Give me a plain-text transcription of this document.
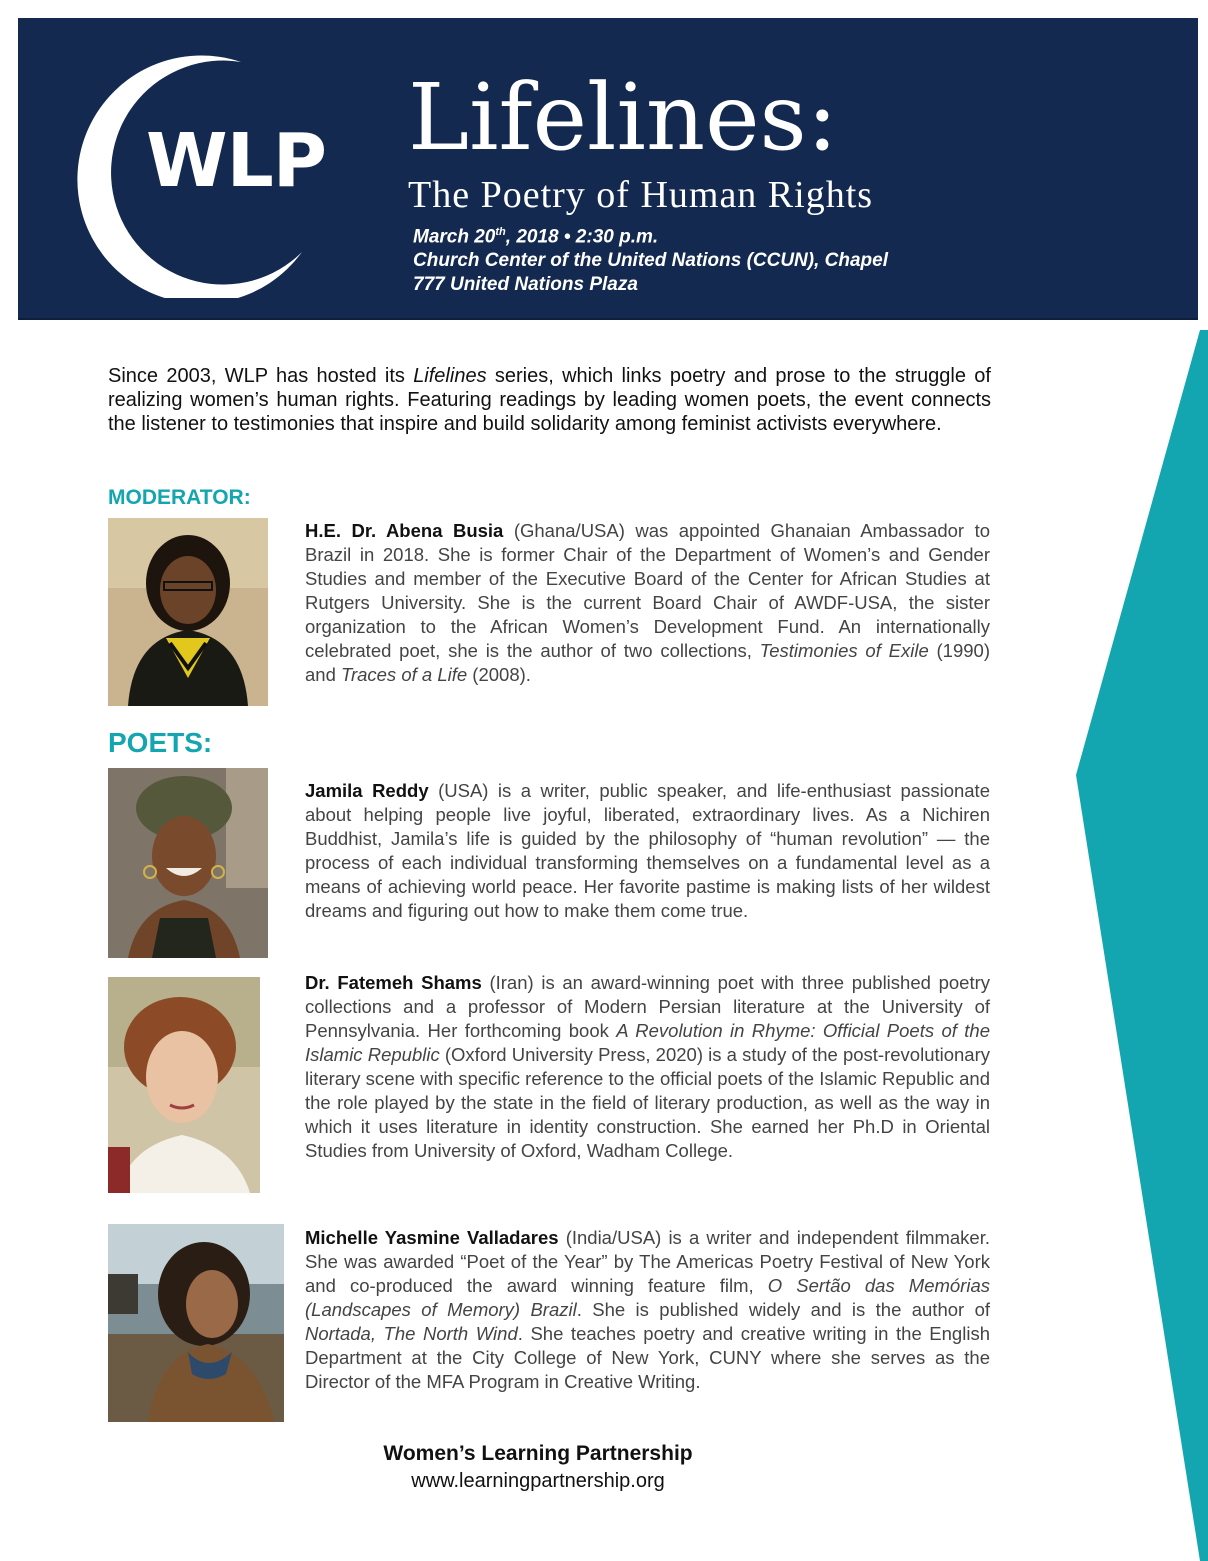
WLP Lifelines:
The Poetry of Human Rights
March 20th, 2018 • 2:30 p.m.
Church Center of the United Nations (CCUN), Chapel
777 United Nations Plaza

Since 2003, WLP has hosted its Lifelines series, which links poetry and prose to the struggle of realizing women’s human rights. Featuring readings by leading women poets, the event connects the listener to testimonies that inspire and build solidarity among feminist activists everywhere.

MODERATOR:
H.E. Dr. Abena Busia (Ghana/USA) was appointed Ghanaian Ambassador to Brazil in 2018. She is former Chair of the Department of Women’s and Gender Studies and member of the Executive Board of the Center for African Studies at Rutgers University. She is the current Board Chair of AWDF-USA, the sister organization to the African Women’s Development Fund. An internationally celebrated poet, she is the author of two collections, Testimonies of Exile (1990) and Traces of a Life (2008).
POETS:
Jamila Reddy (USA) is a writer, public speaker, and life-enthusiast passionate about helping people live joyful, liberated, extraordinary lives. As a Nichiren Buddhist, Jamila’s life is guided by the philosophy of “human revolution” — the process of each individual transforming themselves on a fundamental level as a means of achieving world peace. Her favorite pastime is making lists of her wildest dreams and figuring out how to make them come true.
Dr. Fatemeh Shams (Iran) is an award-winning poet with three published poetry collections and a professor of Modern Persian literature at the University of Pennsylvania. Her forthcoming book A Revolution in Rhyme: Official Poets of the Islamic Republic (Oxford University Press, 2020) is a study of the post-revolutionary literary scene with specific reference to the official poets of the Islamic Republic and the role played by the state in the field of literary production, as well as the way in which it uses literature in identity construction. She earned her Ph.D in Oriental Studies from University of Oxford, Wadham College.
Michelle Yasmine Valladares (India/USA) is a writer and independent filmmaker. She was awarded “Poet of the Year” by The Americas Poetry Festival of New York and co-produced the award winning feature film, O Sertão das Memórias (Landscapes of Memory) Brazil. She is published widely and is the author of Nortada, The North Wind. She teaches poetry and creative writing in the English Department at the City College of New York, CUNY where she serves as the Director of the MFA Program in Creative Writing.
Women’s Learning Partnership
www.learningpartnership.org
